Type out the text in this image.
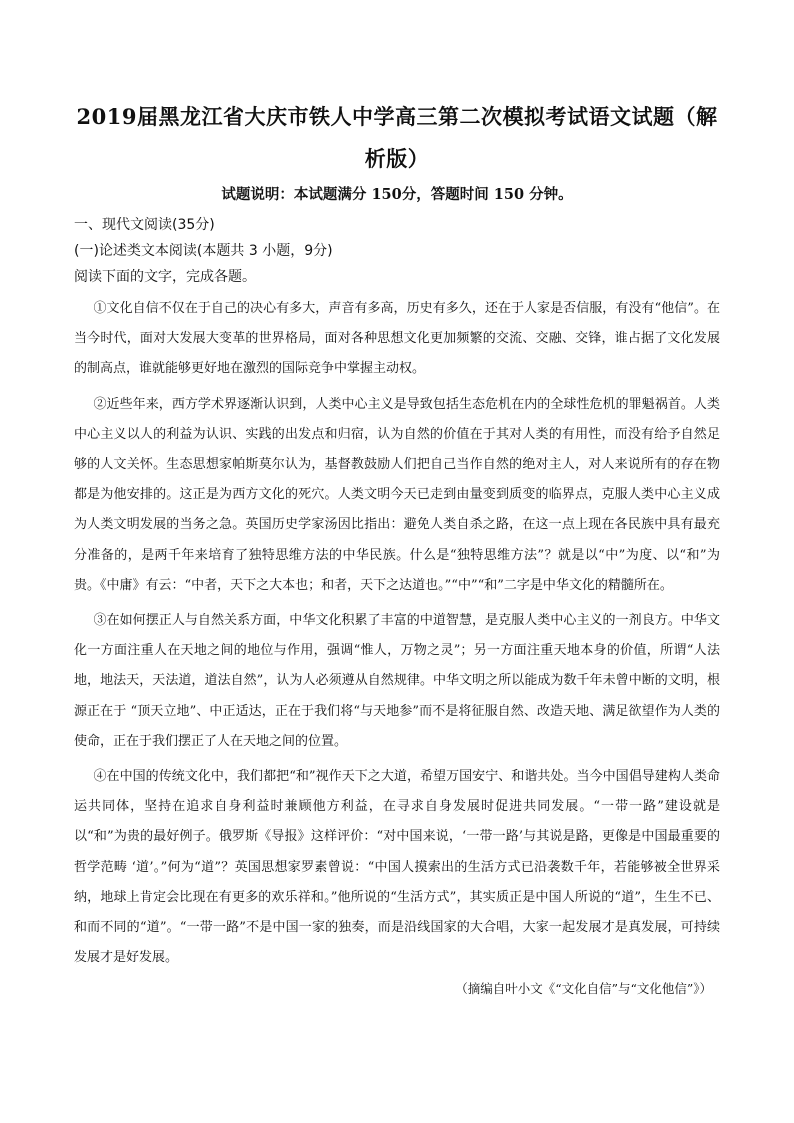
2019届黑龙江省大庆市铁人中学高三第二次模拟考试语文试题（解析版）

试题说明：本试题满分 150分，答题时间 150 分钟。

一、现代文阅读(35分)

(一)论述类文本阅读(本题共 3 小题，9分)

阅读下面的文字，完成各题。

①文化自信不仅在于自己的决心有多大，声音有多高，历史有多久，还在于人家是否信服，有没有“他信”。在当今时代，面对大发展大变革的世界格局，面对各种思想文化更加频繁的交流、交融、交锋，谁占据了文化发展的制高点，谁就能够更好地在激烈的国际竞争中掌握主动权。

②近些年来，西方学术界逐渐认识到，人类中心主义是导致包括生态危机在内的全球性危机的罪魁祸首。人类中心主义以人的利益为认识、实践的出发点和归宿，认为自然的价值在于其对人类的有用性，而没有给予自然足够的人文关怀。生态思想家帕斯莫尔认为，基督教鼓励人们把自己当作自然的绝对主人，对人来说所有的存在物都是为他安排的。这正是为西方文化的死穴。人类文明今天已走到由量变到质变的临界点，克服人类中心主义成为人类文明发展的当务之急。英国历史学家汤因比指出：避免人类自杀之路，在这一点上现在各民族中具有最充分准备的，是两千年来培育了独特思维方法的中华民族。什么是“独特思维方法”？就是以“中”为度、以“和”为贵。《中庸》有云：“中者，天下之大本也；和者，天下之达道也。”“中”“和”二字是中华文化的精髓所在。

③在如何摆正人与自然关系方面，中华文化积累了丰富的中道智慧，是克服人类中心主义的一剂良方。中华文化一方面注重人在天地之间的地位与作用，强调“惟人，万物之灵”；另一方面注重天地本身的价值，所谓“人法地，地法天，天法道，道法自然”，认为人必须遵从自然规律。中华文明之所以能成为数千年未曾中断的文明，根源正在于 “顶天立地”、中正适达，正在于我们将“与天地参”而不是将征服自然、改造天地、满足欲望作为人类的使命，正在于我们摆正了人在天地之间的位置。

④在中国的传统文化中，我们都把“和”视作天下之大道，希望万国安宁、和谐共处。当今中国倡导建构人类命运共同体，坚持在追求自身利益时兼顾他方利益，在寻求自身发展时促进共同发展。“一带一路”建设就是以“和”为贵的最好例子。俄罗斯《导报》这样评价：“对中国来说，‘一带一路’与其说是路，更像是中国最重要的哲学范畴 ‘道’。”何为“道”？英国思想家罗素曾说：“中国人摸索出的生活方式已沿袭数千年，若能够被全世界采纳，地球上肯定会比现在有更多的欢乐祥和。”他所说的“生活方式”，其实质正是中国人所说的“道”，生生不已、和而不同的“道”。“一带一路”不是中国一家的独奏，而是沿线国家的大合唱，大家一起发展才是真发展，可持续发展才是好发展。

（摘编自叶小文《“文化自信”与“文化他信”》）
